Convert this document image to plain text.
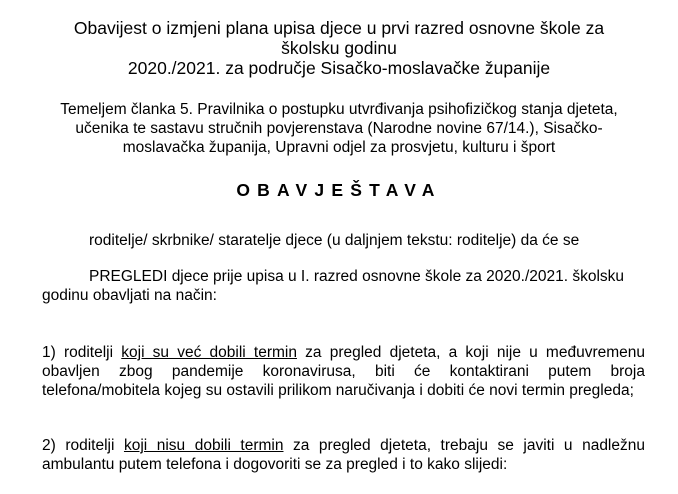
Obavijest o izmjeni plana upisa djece u prvi razred osnovne škole za
školsku godinu
2020./2021. za područje Sisačko-moslavačke županije
Temeljem članka 5. Pravilnika o postupku utvrđivanja psihofizičkog stanja djeteta,
učenika te sastavu stručnih povjerenstava (Narodne novine 67/14.), Sisačko-
moslavačka županija, Upravni odjel za prosvjetu, kulturu i šport
OBAVJEŠTAVA
roditelje/ skrbnike/ staratelje djece (u daljnjem tekstu: roditelje) da će se
PREGLEDI djece prije upisa u I. razred osnovne škole za 2020./2021. školsku
godinu obavljati na način:
1) roditelji koji su već dobili termin za pregled djeteta, a koji nije u međuvremenu
obavljen zbog pandemije koronavirusa, biti će kontaktirani putem broja
telefona/mobitela kojeg su ostavili prilikom naručivanja i dobiti će novi termin pregleda;
2) roditelji koji nisu dobili termin za pregled djeteta, trebaju se javiti u nadležnu
ambulantu putem telefona i dogovoriti se za pregled i to kako slijedi:
